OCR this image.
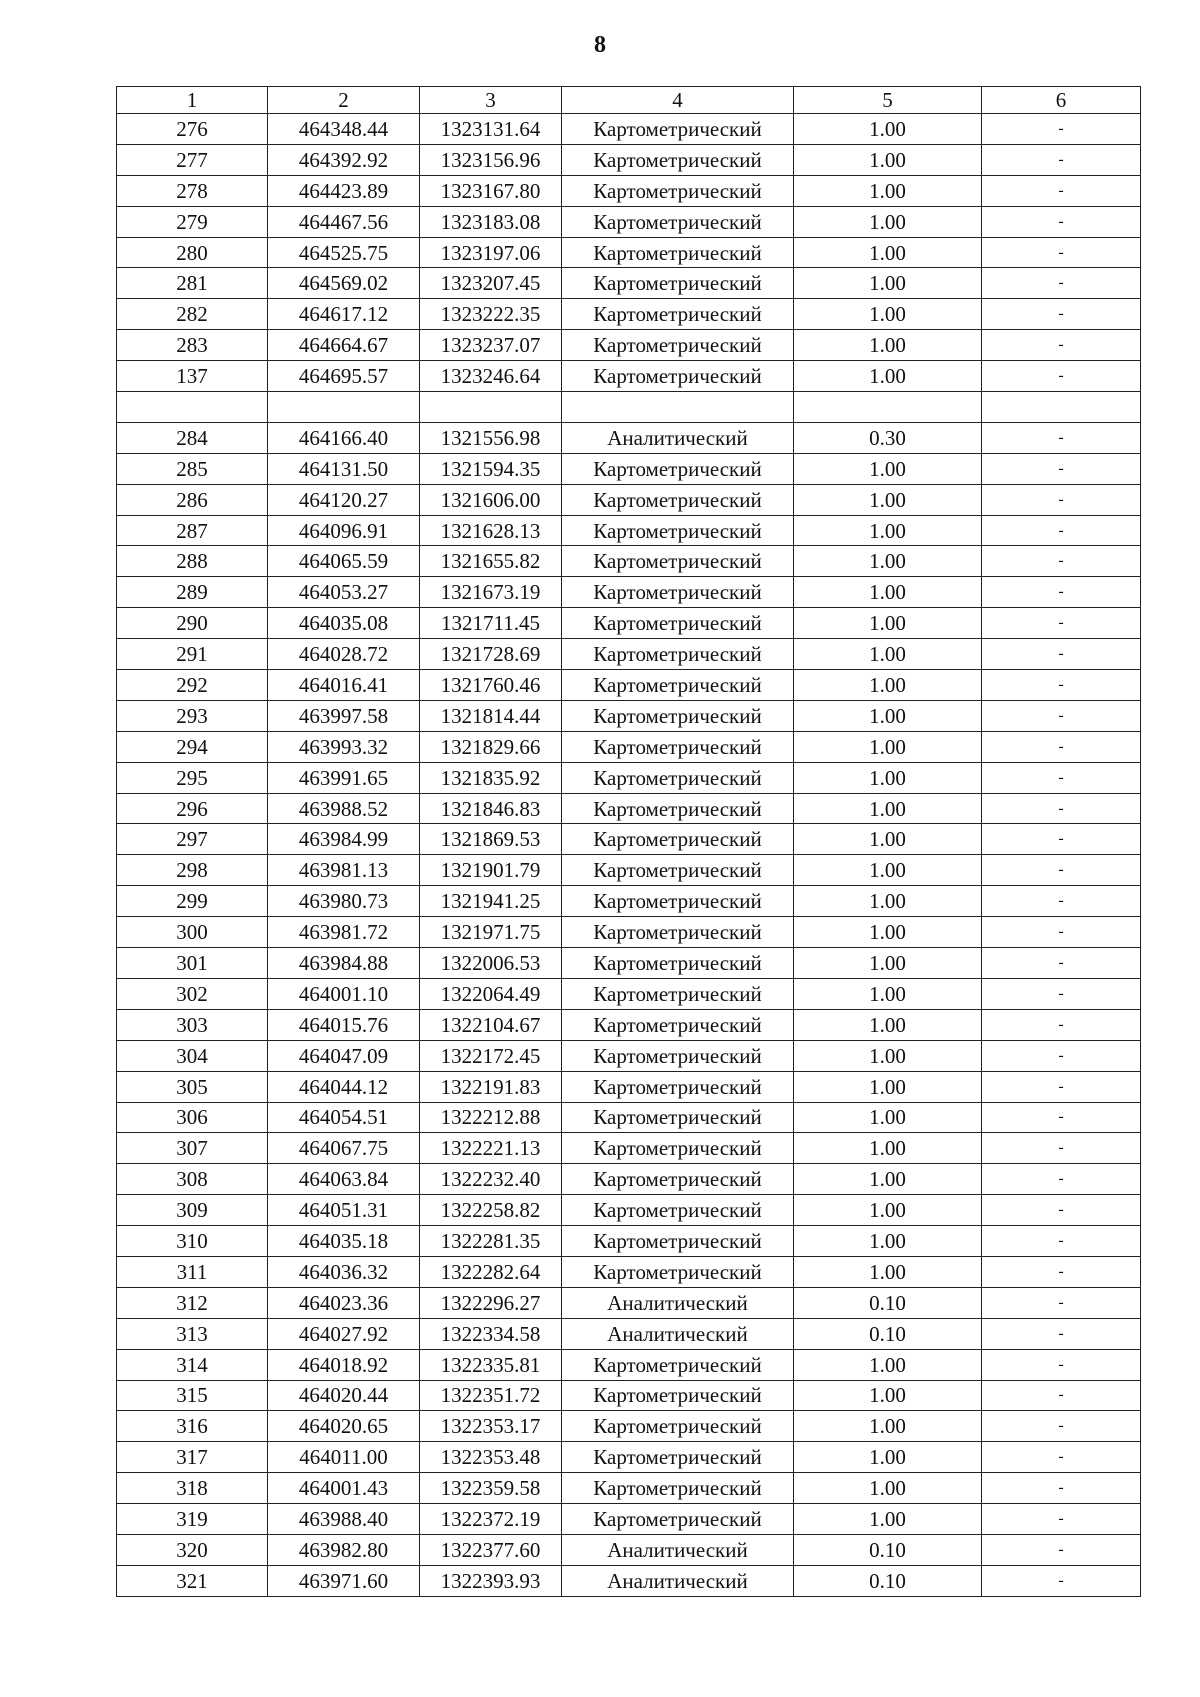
8
1	2	3	4	5	6
276	464348.44	1323131.64	Картометрический	1.00	-
277	464392.92	1323156.96	Картометрический	1.00	-
278	464423.89	1323167.80	Картометрический	1.00	-
279	464467.56	1323183.08	Картометрический	1.00	-
280	464525.75	1323197.06	Картометрический	1.00	-
281	464569.02	1323207.45	Картометрический	1.00	-
282	464617.12	1323222.35	Картометрический	1.00	-
283	464664.67	1323237.07	Картометрический	1.00	-
137	464695.57	1323246.64	Картометрический	1.00	-

284	464166.40	1321556.98	Аналитический	0.30	-
285	464131.50	1321594.35	Картометрический	1.00	-
286	464120.27	1321606.00	Картометрический	1.00	-
287	464096.91	1321628.13	Картометрический	1.00	-
288	464065.59	1321655.82	Картометрический	1.00	-
289	464053.27	1321673.19	Картометрический	1.00	-
290	464035.08	1321711.45	Картометрический	1.00	-
291	464028.72	1321728.69	Картометрический	1.00	-
292	464016.41	1321760.46	Картометрический	1.00	-
293	463997.58	1321814.44	Картометрический	1.00	-
294	463993.32	1321829.66	Картометрический	1.00	-
295	463991.65	1321835.92	Картометрический	1.00	-
296	463988.52	1321846.83	Картометрический	1.00	-
297	463984.99	1321869.53	Картометрический	1.00	-
298	463981.13	1321901.79	Картометрический	1.00	-
299	463980.73	1321941.25	Картометрический	1.00	-
300	463981.72	1321971.75	Картометрический	1.00	-
301	463984.88	1322006.53	Картометрический	1.00	-
302	464001.10	1322064.49	Картометрический	1.00	-
303	464015.76	1322104.67	Картометрический	1.00	-
304	464047.09	1322172.45	Картометрический	1.00	-
305	464044.12	1322191.83	Картометрический	1.00	-
306	464054.51	1322212.88	Картометрический	1.00	-
307	464067.75	1322221.13	Картометрический	1.00	-
308	464063.84	1322232.40	Картометрический	1.00	-
309	464051.31	1322258.82	Картометрический	1.00	-
310	464035.18	1322281.35	Картометрический	1.00	-
311	464036.32	1322282.64	Картометрический	1.00	-
312	464023.36	1322296.27	Аналитический	0.10	-
313	464027.92	1322334.58	Аналитический	0.10	-
314	464018.92	1322335.81	Картометрический	1.00	-
315	464020.44	1322351.72	Картометрический	1.00	-
316	464020.65	1322353.17	Картометрический	1.00	-
317	464011.00	1322353.48	Картометрический	1.00	-
318	464001.43	1322359.58	Картометрический	1.00	-
319	463988.40	1322372.19	Картометрический	1.00	-
320	463982.80	1322377.60	Аналитический	0.10	-
321	463971.60	1322393.93	Аналитический	0.10	-
